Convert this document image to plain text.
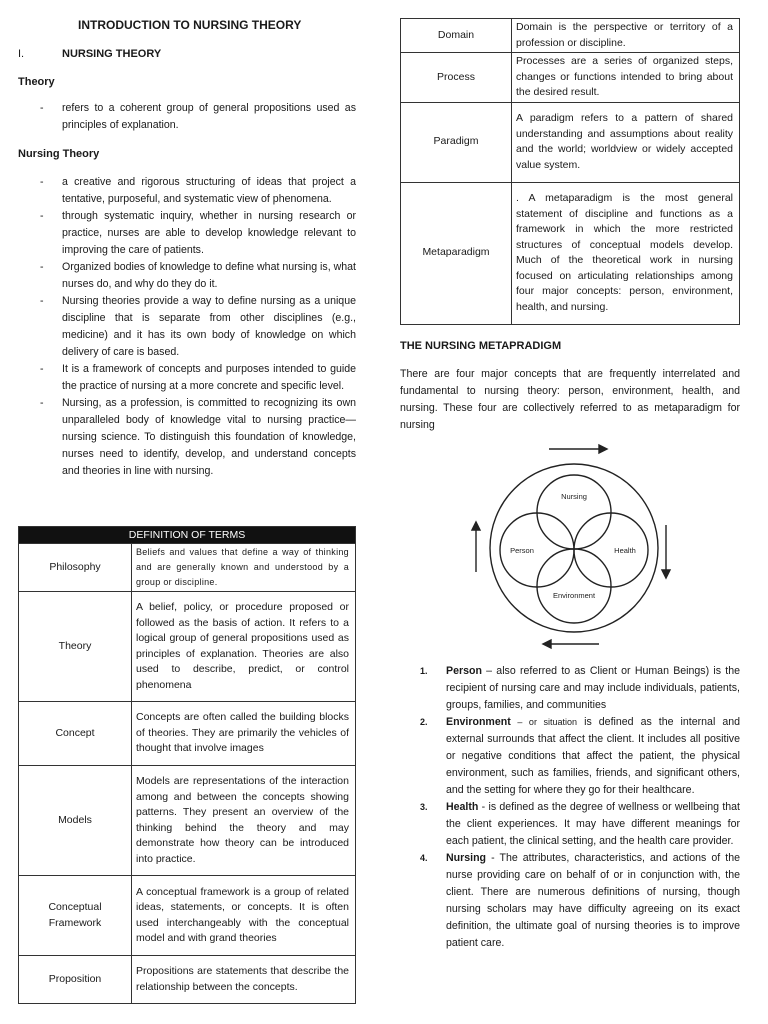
INTRODUCTION TO NURSING THEORY
I.	NURSING THEORY
Theory
- refers to a coherent group of general propositions used as principles of explanation.
Nursing Theory
- a creative and rigorous structuring of ideas that project a tentative, purposeful, and systematic view of phenomena.
- through systematic inquiry, whether in nursing research or practice, nurses are able to develop knowledge relevant to improving the care of patients.
- Organized bodies of knowledge to define what nursing is, what nurses do, and why do they do it.
- Nursing theories provide a way to define nursing as a unique discipline that is separate from other disciplines (e.g., medicine) and it has its own body of knowledge on which delivery of care is based.
- It is a framework of concepts and purposes intended to guide the practice of nursing at a more concrete and specific level.
- Nursing, as a profession, is committed to recognizing its own unparalleled body of knowledge vital to nursing practice—nursing science. To distinguish this foundation of knowledge, nurses need to identify, develop, and understand concepts and theories in line with nursing.
DEFINITION OF TERMS	
Philosophy	Beliefs and values that define a way of thinking and are generally known and understood by a group or discipline.
Theory	A belief, policy, or procedure proposed or followed as the basis of action. It refers to a logical group of general propositions used as principles of explanation. Theories are also used to describe, predict, or control phenomena
Concept	Concepts are often called the building blocks of theories. They are primarily the vehicles of thought that involve images
Models	Models are representations of the interaction among and between the concepts showing patterns. They present an overview of the thinking behind the theory and may demonstrate how theory can be introduced into practice.
Conceptual Framework	A conceptual framework is a group of related ideas, statements, or concepts. It is often used interchangeably with the conceptual model and with grand theories
Proposition	Propositions are statements that describe the relationship between the concepts.
Domain	Domain is the perspective or territory of a profession or discipline.
Process	Processes are a series of organized steps, changes or functions intended to bring about the desired result.
Paradigm	A paradigm refers to a pattern of shared understanding and assumptions about reality and the world; worldview or widely accepted value system.
Metaparadigm	. A metaparadigm is the most general statement of discipline and functions as a framework in which the more restricted structures of conceptual models develop. Much of the theoretical work in nursing focused on articulating relationships among four major concepts: person, environment, health, and nursing.
THE NURSING METAPRADIGM
There are four major concepts that are frequently interrelated and fundamental to nursing theory: person, environment, health, and nursing. These four are collectively referred to as metaparadigm for nursing
Nursing
Person	Health
Environment
1. Person – also referred to as Client or Human Beings) is the recipient of nursing care and may include individuals, patients, groups, families, and communities
2. Environment – or situation is defined as the internal and external surrounds that affect the client. It includes all positive or negative conditions that affect the patient, the physical environment, such as families, friends, and significant others, and the setting for where they go for their healthcare.
3. Health - is defined as the degree of wellness or wellbeing that the client experiences. It may have different meanings for each patient, the clinical setting, and the health care provider.
4. Nursing - The attributes, characteristics, and actions of the nurse providing care on behalf of or in conjunction with, the client. There are numerous definitions of nursing, though nursing scholars may have difficulty agreeing on its exact definition, the ultimate goal of nursing theories is to improve patient care.
